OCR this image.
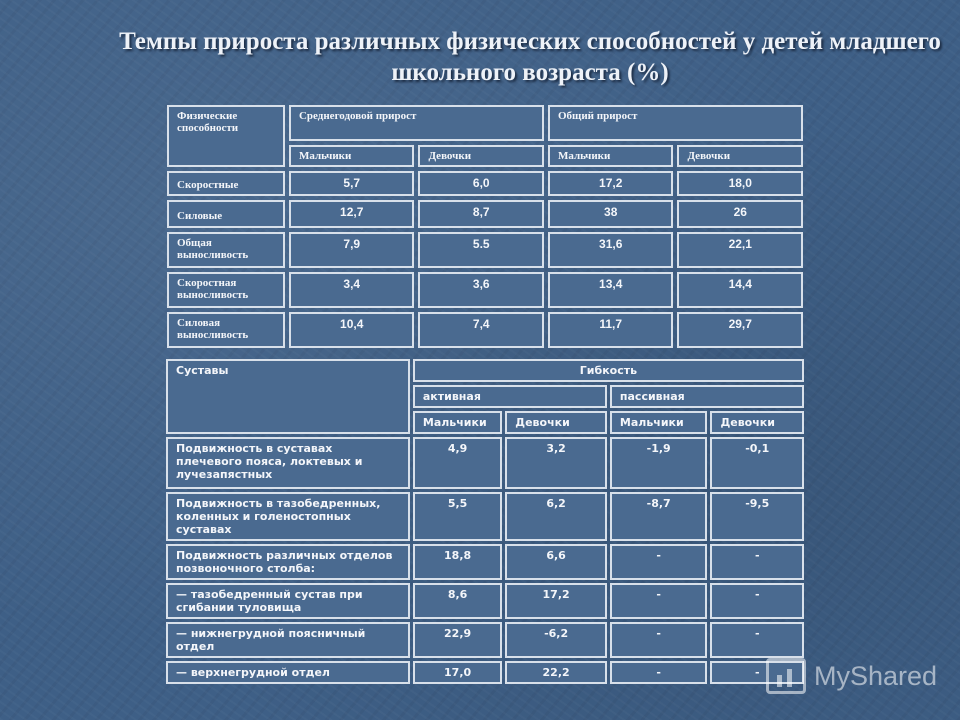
Темпы прироста различных физических способностей у детей младшего школьного возраста (%)
Физические способности	Среднегодовой прирост		Общий прирост	
	Мальчики	Девочки	Мальчики	Девочки
Скоростные	5,7	6,0	17,2	18,0
Силовые	12,7	8,7	38	26
Общая выносливость	7,9	5.5	31,6	22,1
Скоростная выносливость	3,4	3,6	13,4	14,4
Силовая выносливость	10,4	7,4	11,7	29,7
Суставы	Гибкость			
	активная		пассивная	
	Мальчики	Девочки	Мальчики	Девочки
Подвижность в суставах плечевого пояса, локтевых и лучезапястных	4,9	3,2	-1,9	-0,1
Подвижность в тазобедренных, коленных и голеностопных суставах	5,5	6,2	-8,7	-9,5
Подвижность различных отделов позвоночного столба:	18,8	6,6	-	-
— тазобедренный сустав при сгибании туловища	8,6	17,2	-	-
— нижнегрудной поясничный отдел	22,9	-6,2	-	-
— верхнегрудной отдел	17,0	22,2	-	- MyShared
